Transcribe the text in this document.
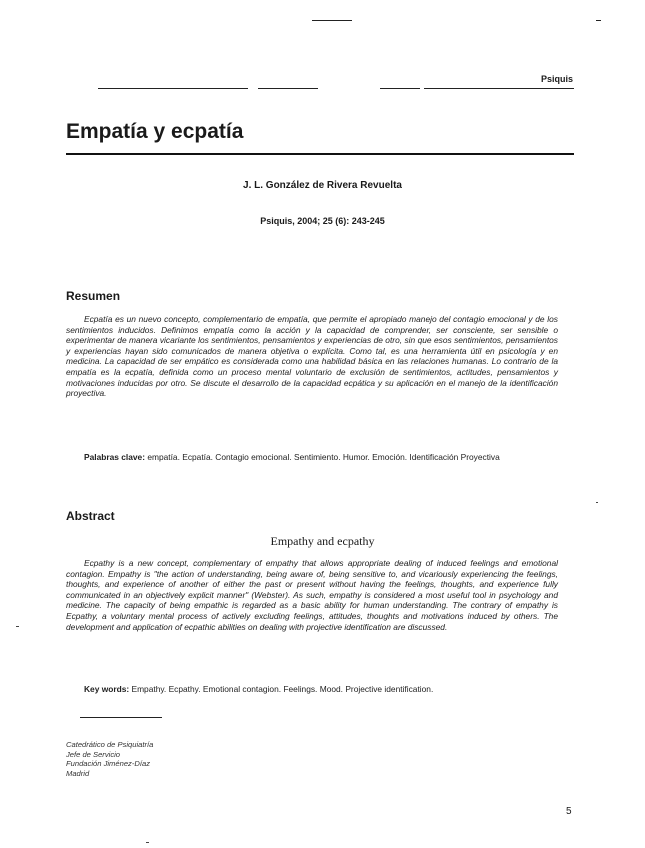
Psiquis
Empatía y ecpatía
J. L. González de Rivera Revuelta
Psiquis, 2004; 25 (6): 243-245
Resumen
Ecpatía es un nuevo concepto, complementario de empatía, que permite el apropiado manejo del contagio emocional y de los sentimientos inducidos. Definimos empatía como la acción y la capacidad de comprender, ser consciente, ser sensible o experimentar de manera vicariante los sentimientos, pensamientos y experiencias de otro, sin que esos sentimientos, pensamientos y experiencias hayan sido comunicados de manera objetiva o explícita. Como tal, es una herramienta útil en psicología y en medicina. La capacidad de ser empático es considerada como una habilidad básica en las relaciones humanas. Lo contrario de la empatía es la ecpatía, definida como un proceso mental voluntario de exclusión de sentimientos, actitudes, pensamientos y motivaciones inducidas por otro. Se discute el desarrollo de la capacidad ecpática y su aplicación en el manejo de la identificación proyectiva.
Palabras clave: empatía. Ecpatía. Contagio emocional. Sentimiento. Humor. Emoción. Identificación Proyectiva
Abstract
Empathy and ecpathy
Ecpathy is a new concept, complementary of empathy that allows appropriate dealing of induced feelings and emotional contagion. Empathy is "the action of understanding, being aware of, being sensitive to, and vicariously experiencing the feelings, thoughts, and experience of another of either the past or present without having the feelings, thoughts, and experience fully communicated in an objectively explicit manner" (Webster). As such, empathy is considered a most useful tool in psychology and medicine. The capacity of being empathic is regarded as a basic ability for human understanding. The contrary of empathy is Ecpathy, a voluntary mental process of actively excluding feelings, attitudes, thoughts and motivations induced by others. The development and application of ecpathic abilities on dealing with projective identification are discussed.
Key words: Empathy. Ecpathy. Emotional contagion. Feelings. Mood. Projective identification.
Catedrático de Psiquiatría
Jefe de Servicio
Fundación Jiménez-Díaz
Madrid
5
